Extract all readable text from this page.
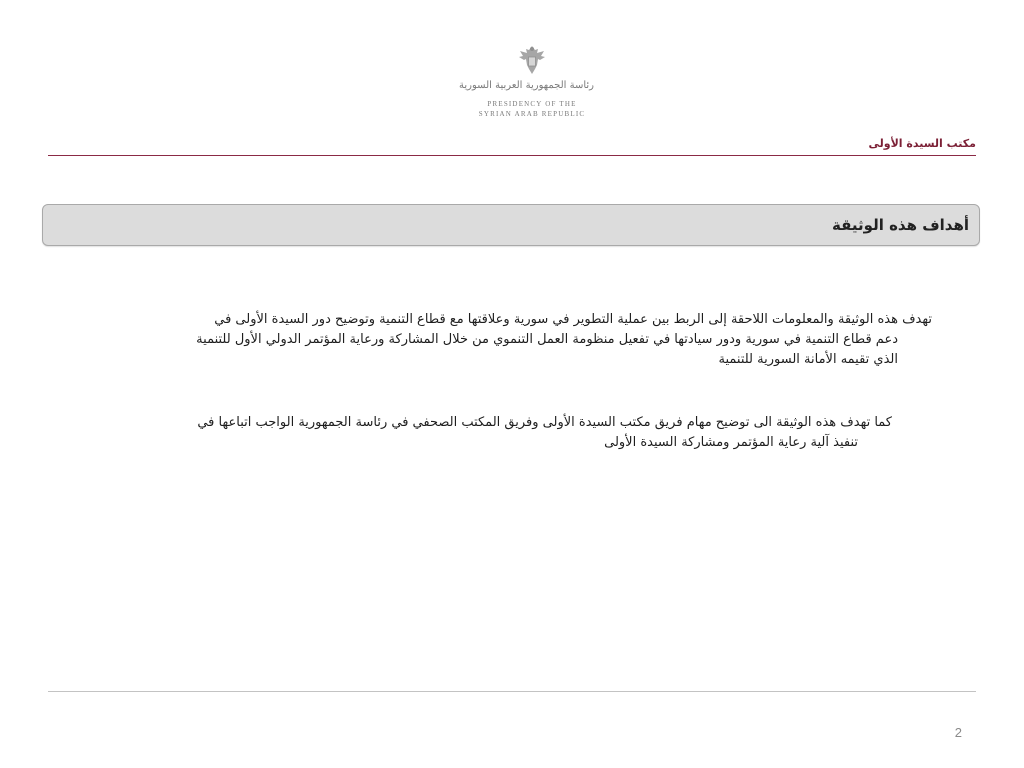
رئاسة الجمهورية العربية السورية
PRESIDENCY OF THE
SYRIAN ARAB REPUBLIC
مكتب السيدة الأولى
أهداف هذه الوثيقة
تهدف هذه الوثيقة والمعلومات اللاحقة إلى الربط بين عملية التطوير في سورية وعلاقتها مع قطاع التنمية وتوضيح دور السيدة الأولى في
دعم قطاع التنمية في سورية ودور سيادتها في تفعيل منظومة العمل التنموي من خلال المشاركة ورعاية المؤتمر الدولي الأول للتنمية
الذي تقيمه الأمانة السورية للتنمية
كما تهدف هذه الوثيقة الى توضيح مهام فريق مكتب السيدة الأولى وفريق المكتب الصحفي في رئاسة الجمهورية الواجب اتباعها في
تنفيذ آلية رعاية المؤتمر ومشاركة السيدة الأولى
2
